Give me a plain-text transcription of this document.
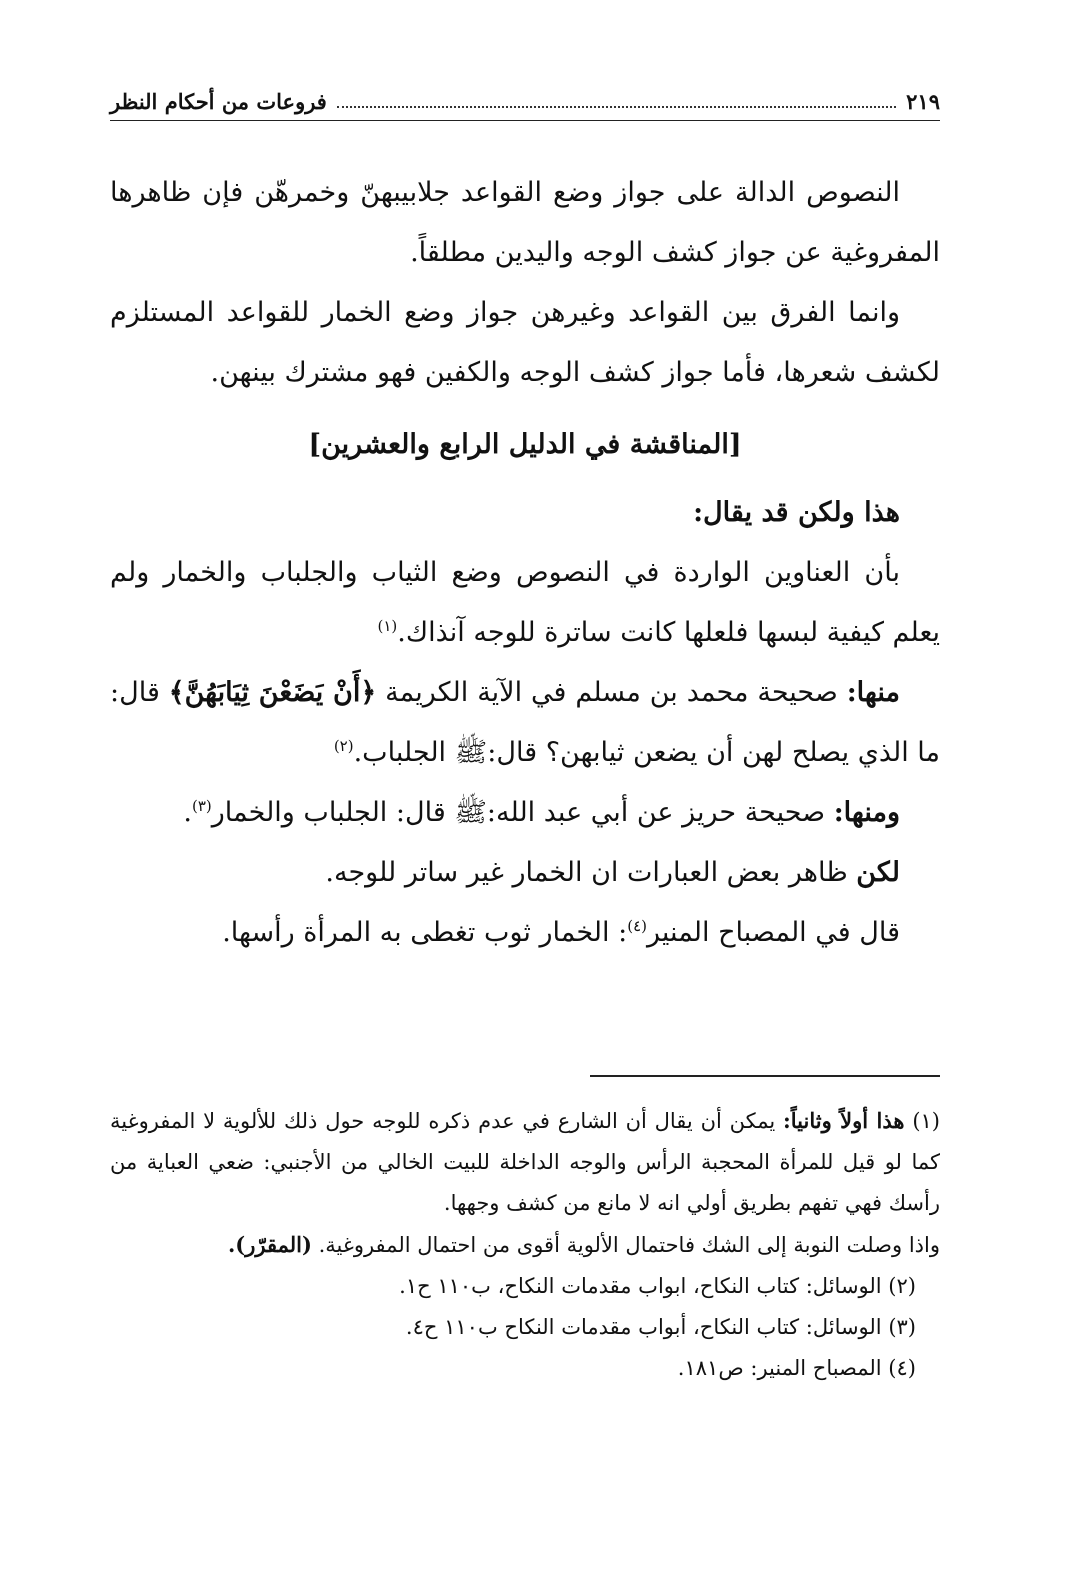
٢١٩
فروعات من أحكام النظر

النصوص الدالة على جواز وضع القواعد جلابيبهنّ وخمرهّن فإن ظاهرها المفروغية عن جواز كشف الوجه واليدين مطلقاً.

وانما الفرق بين القواعد وغيرهن جواز وضع الخمار للقواعد المستلزم لكشف شعرها، فأما جواز كشف الوجه والكفين فهو مشترك بينهن.

[المناقشة في الدليل الرابع والعشرين]

هذا ولكن قد يقال:

بأن العناوين الواردة في النصوص وضع الثياب والجلباب والخمار ولم يعلم كيفية لبسها فلعلها كانت ساترة للوجه آنذاك.$^{(١)}$

منها: صحيحة محمد بن مسلم في الآية الكريمة ﴿أَنْ يَضَعْنَ ثِيَابَهُنَّ﴾ قال: ما الذي يصلح لهن أن يضعن ثيابهن؟ قال:ﷺ الجلباب.$^{(٢)}$

ومنها: صحيحة حريز عن أبي عبد الله:ﷺ قال: الجلباب والخمار$^{(٣)}$.

لكن ظاهر بعض العبارات ان الخمار غير ساتر للوجه.

قال في المصباح المنير$^{(٤)}$: الخمار ثوب تغطى به المرأة رأسها.

(١) هذا أولاً وثانياً: يمكن أن يقال أن الشارع في عدم ذكره للوجه حول ذلك للألوية لا المفروغية كما لو قيل للمرأة المحجبة الرأس والوجه الداخلة للبيت الخالي من الأجنبي: ضعي العباية من رأسك فهي تفهم بطريق أولي انه لا مانع من كشف وجهها.

واذا وصلت النوبة إلى الشك فاحتمال الألوية أقوى من احتمال المفروغية. (المقرّر).

(٢) الوسائل: كتاب النكاح، ابواب مقدمات النكاح، ب١١٠ ح١.

(٣) الوسائل: كتاب النكاح، أبواب مقدمات النكاح ب١١٠ ح٤.

(٤) المصباح المنير: ص١٨١.
